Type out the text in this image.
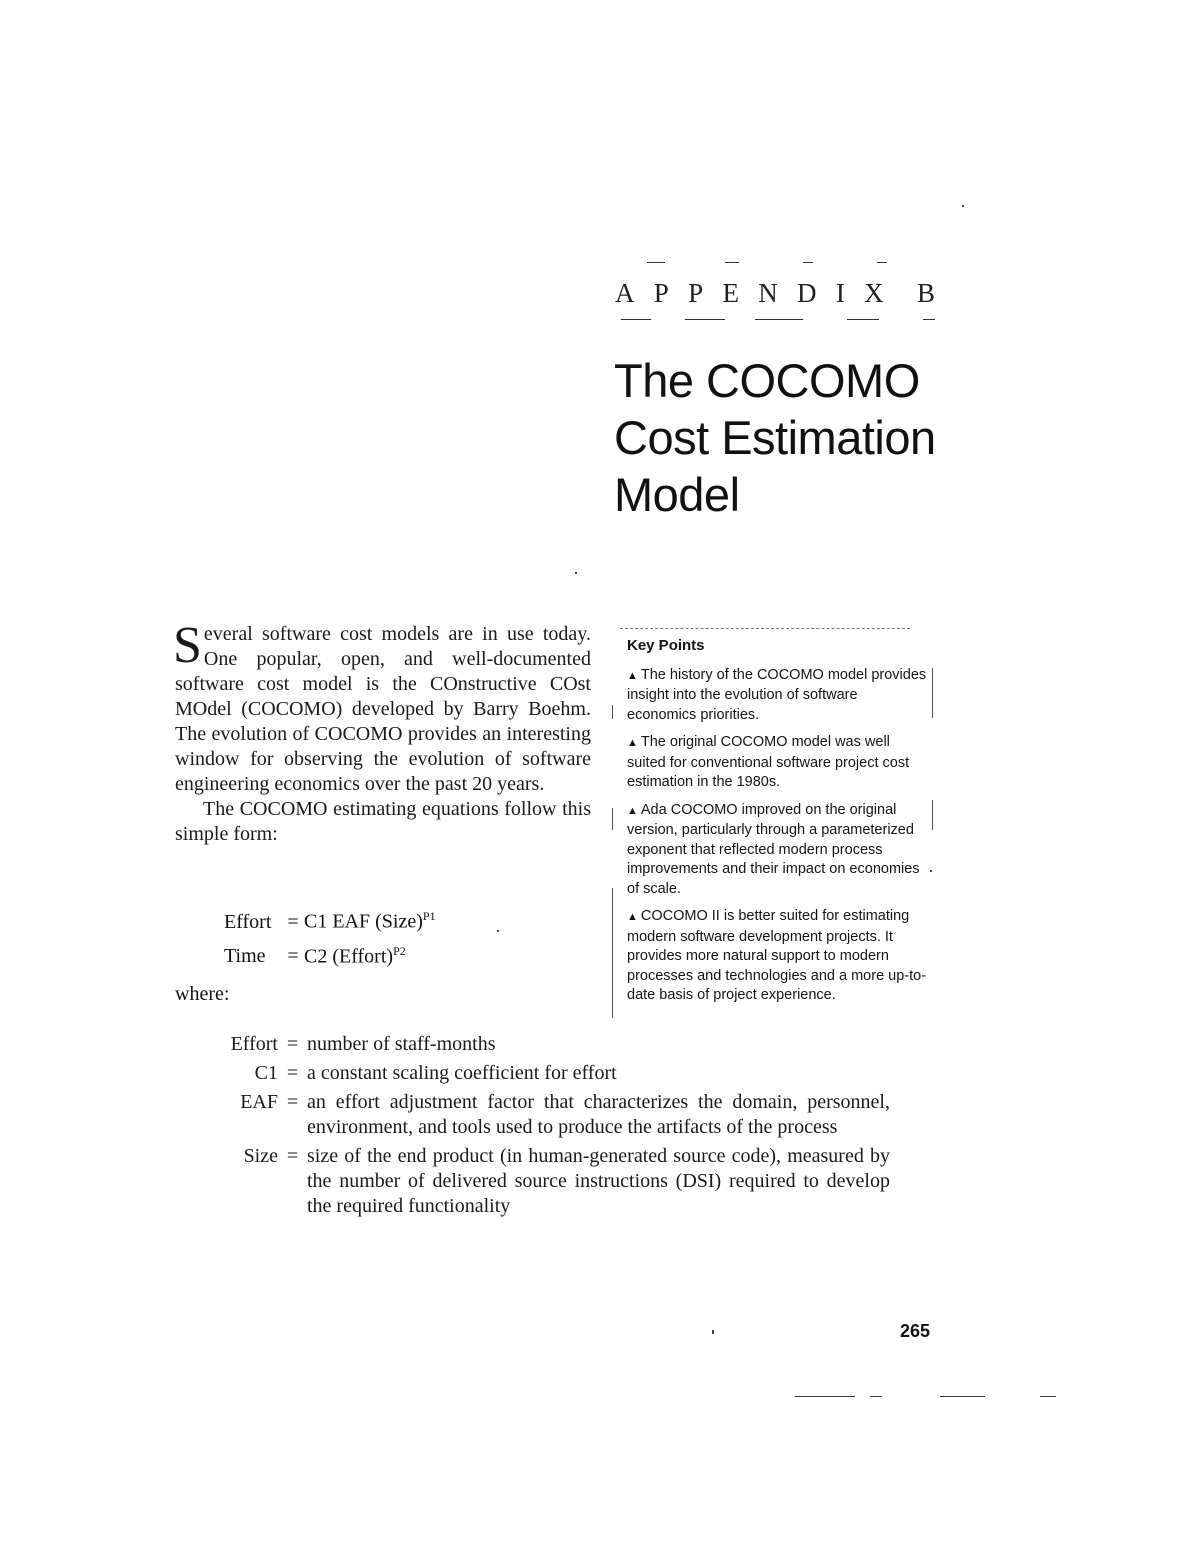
A P P E N D I X B
The COCOMO
Cost Estimation
Model

Several software cost models are in use today. One popular, open, and well-documented software cost model is the COnstructive COst MOdel (COCOMO) developed by Barry Boehm. The evolution of COCOMO provides an interesting window for observing the evolution of software engineering economics over the past 20 years.

The COCOMO estimating equations follow this simple form:

Effort = C1 EAF (Size)$^{P1}$
Time	= C2 (Effort)$^{P2}$
where:
Effort = number of staff-months
C1 = a constant scaling coefficient for effort
EAF = an effort adjustment factor that characterizes the domain, personnel, environment, and tools used to produce the artifacts of the process
Size = size of the end product (in human-generated source code), measured by the number of delivered source instructions (DSI) required to develop the required functionality
Key Points
▲ The history of the COCOMO model provides insight into the evolution of software economics priorities.
▲ The original COCOMO model was well suited for conventional software project cost estimation in the 1980s.
▲ Ada COCOMO improved on the original version, particularly through a parameterized exponent that reflected modern process improvements and their impact on economies of scale.
▲ COCOMO II is better suited for estimating modern software development projects. It provides more natural support to modern processes and technologies and a more up-to-date basis of project experience.
265
